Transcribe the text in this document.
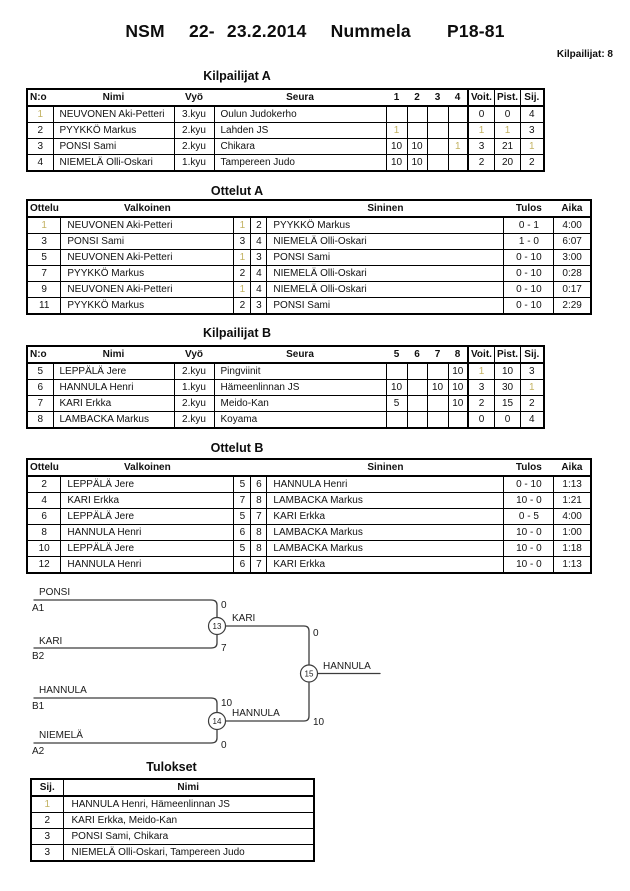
NSM  22- 23.2.2014  Nummela   P18-81
Kilpailijat: 8
Kilpailijat A
N:o	Nimi	Vyö	Seura	1	2	3	4	Voit.	Pist.	Sij.
1	NEUVONEN Aki-Petteri	3.kyu	Oulun Judokerho					0	0	4
2	PYYKKÖ Markus	2.kyu	Lahden JS	1				1	1	3
3	PONSI Sami	2.kyu	Chikara	10	10		1	3	21	1
4	NIEMELÄ Olli-Oskari	1.kyu	Tampereen Judo	10	10			2	20	2
Ottelut A
Ottelu	Valkoinen			Sininen	Tulos	Aika
1	NEUVONEN Aki-Petteri	1	2	PYYKKÖ Markus	0 - 1	4:00
3	PONSI Sami	3	4	NIEMELÄ Olli-Oskari	1 - 0	6:07
5	NEUVONEN Aki-Petteri	1	3	PONSI Sami	0 - 10	3:00
7	PYYKKÖ Markus	2	4	NIEMELÄ Olli-Oskari	0 - 10	0:28
9	NEUVONEN Aki-Petteri	1	4	NIEMELÄ Olli-Oskari	0 - 10	0:17
11	PYYKKÖ Markus	2	3	PONSI Sami	0 - 10	2:29
Kilpailijat B
N:o	Nimi	Vyö	Seura	5	6	7	8	Voit.	Pist.	Sij.
5	LEPPÄLÄ Jere	2.kyu	Pingviinit				10	1	10	3
6	HANNULA Henri	1.kyu	Hämeenlinnan JS	10		10	10	3	30	1
7	KARI Erkka	2.kyu	Meido-Kan	5			10	2	15	2
8	LAMBACKA Markus	2.kyu	Koyama					0	0	4
Ottelut B
Ottelu	Valkoinen			Sininen	Tulos	Aika
2	LEPPÄLÄ Jere	5	6	HANNULA Henri	0 - 10	1:13
4	KARI Erkka	7	8	LAMBACKA Markus	10 - 0	1:21
6	LEPPÄLÄ Jere	5	7	KARI Erkka	0 - 5	4:00
8	HANNULA Henri	6	8	LAMBACKA Markus	10 - 0	1:00
10	LEPPÄLÄ Jere	5	8	LAMBACKA Markus	10 - 0	1:18
12	HANNULA Henri	6	7	KARI Erkka	10 - 0	1:13
13
PONSI
A1	0
KARI
B2
7
KARI
0
14
HANNULA
B1	10
NIEMELÄ
A2
0
HANNULA
10
15
HANNULA
Tulokset
Sij.	Nimi
1	HANNULA Henri, Hämeenlinnan JS
2	KARI Erkka, Meido-Kan
3	PONSI Sami, Chikara
3	NIEMELÄ Olli-Oskari, Tampereen Judo
